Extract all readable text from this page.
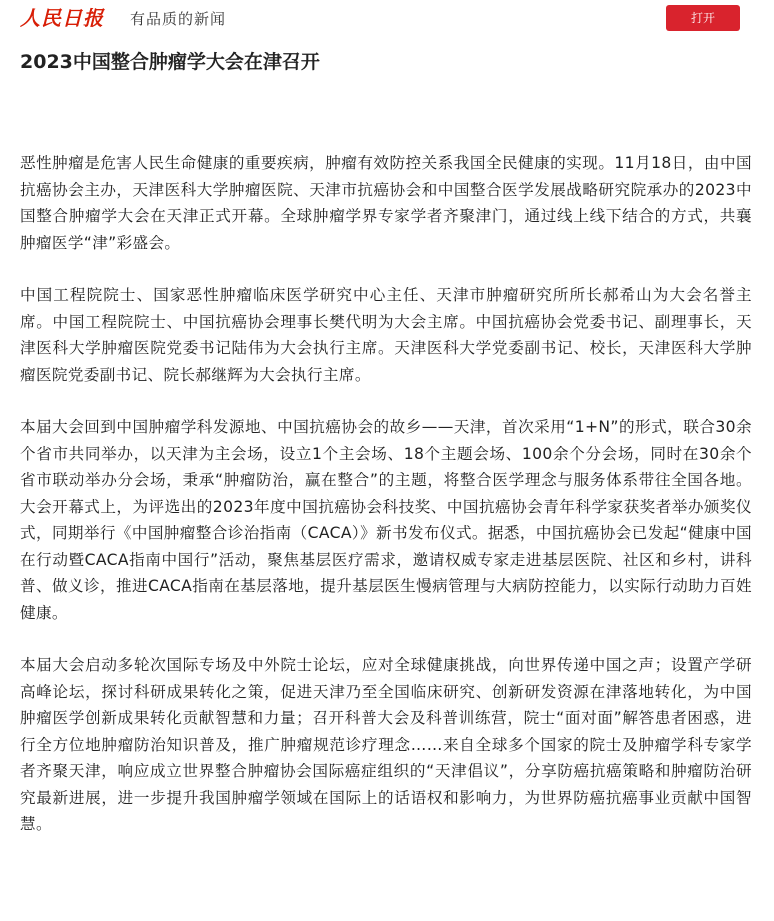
人民日报 有品质的新闻	打开
2023中国整合肿瘤学大会在津召开

恶性肿瘤是危害人民生命健康的重要疾病，肿瘤有效防控关系我国全民健康的实现。11月18日，由中国抗癌协会主办，天津医科大学肿瘤医院、天津市抗癌协会和中国整合医学发展战略研究院承办的2023中国整合肿瘤学大会在天津正式开幕。全球肿瘤学界专家学者齐聚津门，通过线上线下结合的方式，共襄肿瘤医学“津”彩盛会。

中国工程院院士、国家恶性肿瘤临床医学研究中心主任、天津市肿瘤研究所所长郝希山为大会名誉主席。中国工程院院士、中国抗癌协会理事长樊代明为大会主席。中国抗癌协会党委书记、副理事长，天津医科大学肿瘤医院党委书记陆伟为大会执行主席。天津医科大学党委副书记、校长，天津医科大学肿瘤医院党委副书记、院长郝继辉为大会执行主席。

本届大会回到中国肿瘤学科发源地、中国抗癌协会的故乡——天津，首次采用“1+N”的形式，联合30余个省市共同举办，以天津为主会场，设立1个主会场、18个主题会场、100余个分会场，同时在30余个省市联动举办分会场，秉承“肿瘤防治，赢在整合”的主题，将整合医学理念与服务体系带往全国各地。大会开幕式上，为评选出的2023年度中国抗癌协会科技奖、中国抗癌协会青年科学家获奖者举办颁奖仪式，同期举行《中国肿瘤整合诊治指南（CACA）》新书发布仪式。据悉，中国抗癌协会已发起“健康中国在行动暨CACA指南中国行”活动，聚焦基层医疗需求，邀请权威专家走进基层医院、社区和乡村，讲科普、做义诊，推进CACA指南在基层落地，提升基层医生慢病管理与大病防控能力，以实际行动助力百姓健康。

本届大会启动多轮次国际专场及中外院士论坛，应对全球健康挑战，向世界传递中国之声；设置产学研高峰论坛，探讨科研成果转化之策，促进天津乃至全国临床研究、创新研发资源在津落地转化，为中国肿瘤医学创新成果转化贡献智慧和力量；召开科普大会及科普训练营，院士“面对面”解答患者困惑，进行全方位地肿瘤防治知识普及，推广肿瘤规范诊疗理念……来自全球多个国家的院士及肿瘤学科专家学者齐聚天津，响应成立世界整合肿瘤协会国际癌症组织的“天津倡议”，分享防癌抗癌策略和肿瘤防治研究最新进展，进一步提升我国肿瘤学领域在国际上的话语权和影响力，为世界防癌抗癌事业贡献中国智慧。
